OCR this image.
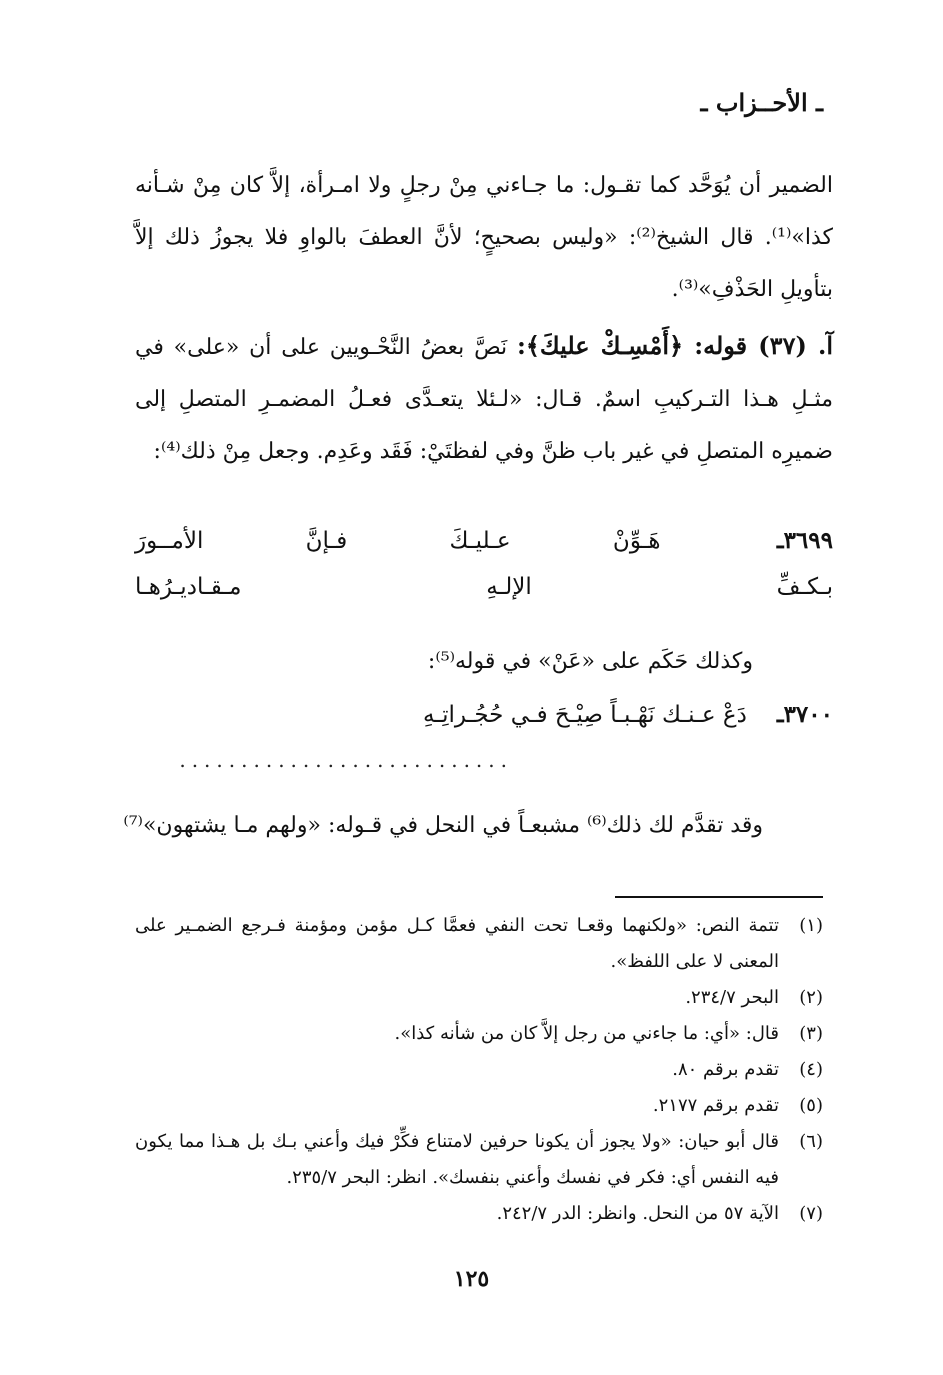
ـ الأحــزاب ـ

الضمير أن يُوَحَّد كما تقـول: ما جـاءني مِنْ رجلٍ ولا امـرأة، إلاَّ كان مِنْ شـأنه كذا»⁽¹⁾. قال الشيخ⁽²⁾: «وليس بصحيحٍ؛ لأنَّ العطفَ بالواوِ فلا يجوزُ ذلك إلاَّ بتأويلِ الحَذْفِ»⁽³⁾.

آ. (٣٧) قوله: ﴿أَمْسِـكْ عليكَ﴾: نَصَّ بعضُ النَّحْـويين على أن «على» في مثـلِ هـذا التـركيبِ اسمٌ. قـال: «لـئلا يتعـدَّى فعـلُ المضمـرِ المتصلِ إلى ضميرِه المتصلِ في غير باب ظنَّ وفي لفظتَيْ: فَقَد وعَدِم. وجعل مِنْ ذلك⁽⁴⁾:

٣٦٩٩ـ
هَـوِّنْ
عـليـكَ
فـإنَّ
الأمــورَ
بـكـفِّ
الإلـهِ
مـقـاديـرُهـا
وكذلك حَكَم على «عَنْ» في قوله⁽⁵⁾:
٣٧٠٠ـ
دَعْ عـنـك نَهْـبـاً صِيْـحَ فـي حُجُـراتِـهِ
...........................
وقد تقدَّم لك ذلك⁽⁶⁾ مشبعـاً في النحل في قـوله: «ولهم مـا يشتهون»⁽⁷⁾
(١)
تتمة النص: «ولكنهما وقعـا تحت النفي فعمَّا كـل مؤمن ومؤمنة فـرجع الضمـير على المعنى لا على اللفظ».
(٢)
البحر ٢٣٤/٧.
(٣)
قال: «أي: ما جاءني من رجل إلاَّ كان من شأنه كذا».
(٤)
تقدم برقم ٨٠.
(٥)
تقدم برقم ٢١٧٧.
(٦)
قال أبو حيان: «ولا يجوز أن يكونا حرفين لامتناع فكِّرْ فيك وأعني بـك بل هـذا مما يكون فيه النفس أي: فكر في نفسك وأعني بنفسك». انظر: البحر ٢٣٥/٧.
(٧)
الآية ٥٧ من النحل. وانظر: الدر ٢٤٢/٧.
١٢٥
